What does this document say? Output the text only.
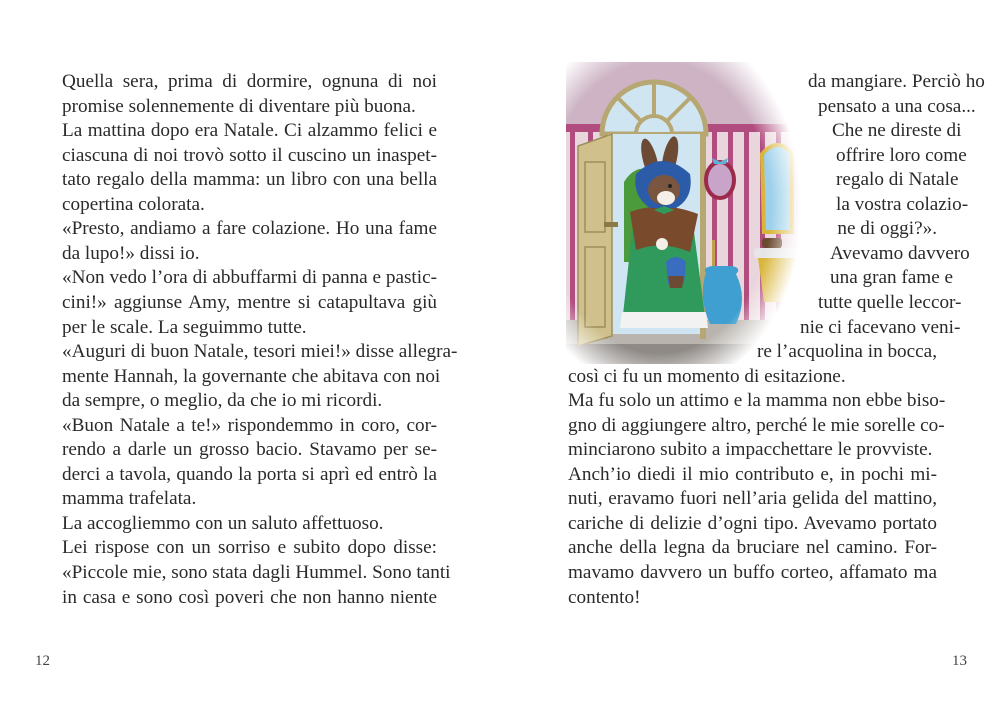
Quella sera, prima di dormire, ognuna di noi
promise solennemente di diventare più buona.
La mattina dopo era Natale. Ci alzammo felici e
ciascuna di noi trovò sotto il cuscino un inaspet-
tato regalo della mamma: un libro con una bella
copertina colorata.
«Presto, andiamo a fare colazione. Ho una fame
da lupo!» dissi io.
«Non vedo l’ora di abbuffarmi di panna e pastic-
cini!» aggiunse Amy, mentre si catapultava giù
per le scale. La seguimmo tutte.
«Auguri di buon Natale, tesori miei!» disse allegra-
mente Hannah, la governante che abitava con noi
da sempre, o meglio, da che io mi ricordi.
«Buon Natale a te!» rispondemmo in coro, cor-
rendo a darle un grosso bacio. Stavamo per se-
derci a tavola, quando la porta si aprì ed entrò la
mamma trafelata.
La accogliemmo con un saluto affettuoso.
Lei rispose con un sorriso e subito dopo disse:
«Piccole mie, sono stata dagli Hummel. Sono tanti
in casa e sono così poveri che non hanno niente
12
da mangiare. Perciò ho
pensato a una cosa...
Che ne direste di
offrire loro come
regalo di Natale
la vostra colazio-
ne di oggi?».
Avevamo davvero
una gran fame e
tutte quelle leccor-
nie ci facevano veni-
re l’acquolina in bocca,
così ci fu un momento di esitazione.
Ma fu solo un attimo e la mamma non ebbe biso-
gno di aggiungere altro, perché le mie sorelle co-
minciarono subito a impacchettare le provviste.
Anch’io diedi il mio contributo e, in pochi mi-
nuti, eravamo fuori nell’aria gelida del mattino,
cariche di delizie d’ogni tipo. Avevamo portato
anche della legna da bruciare nel camino. For-
mavamo davvero un buffo corteo, affamato ma
contento!
13
